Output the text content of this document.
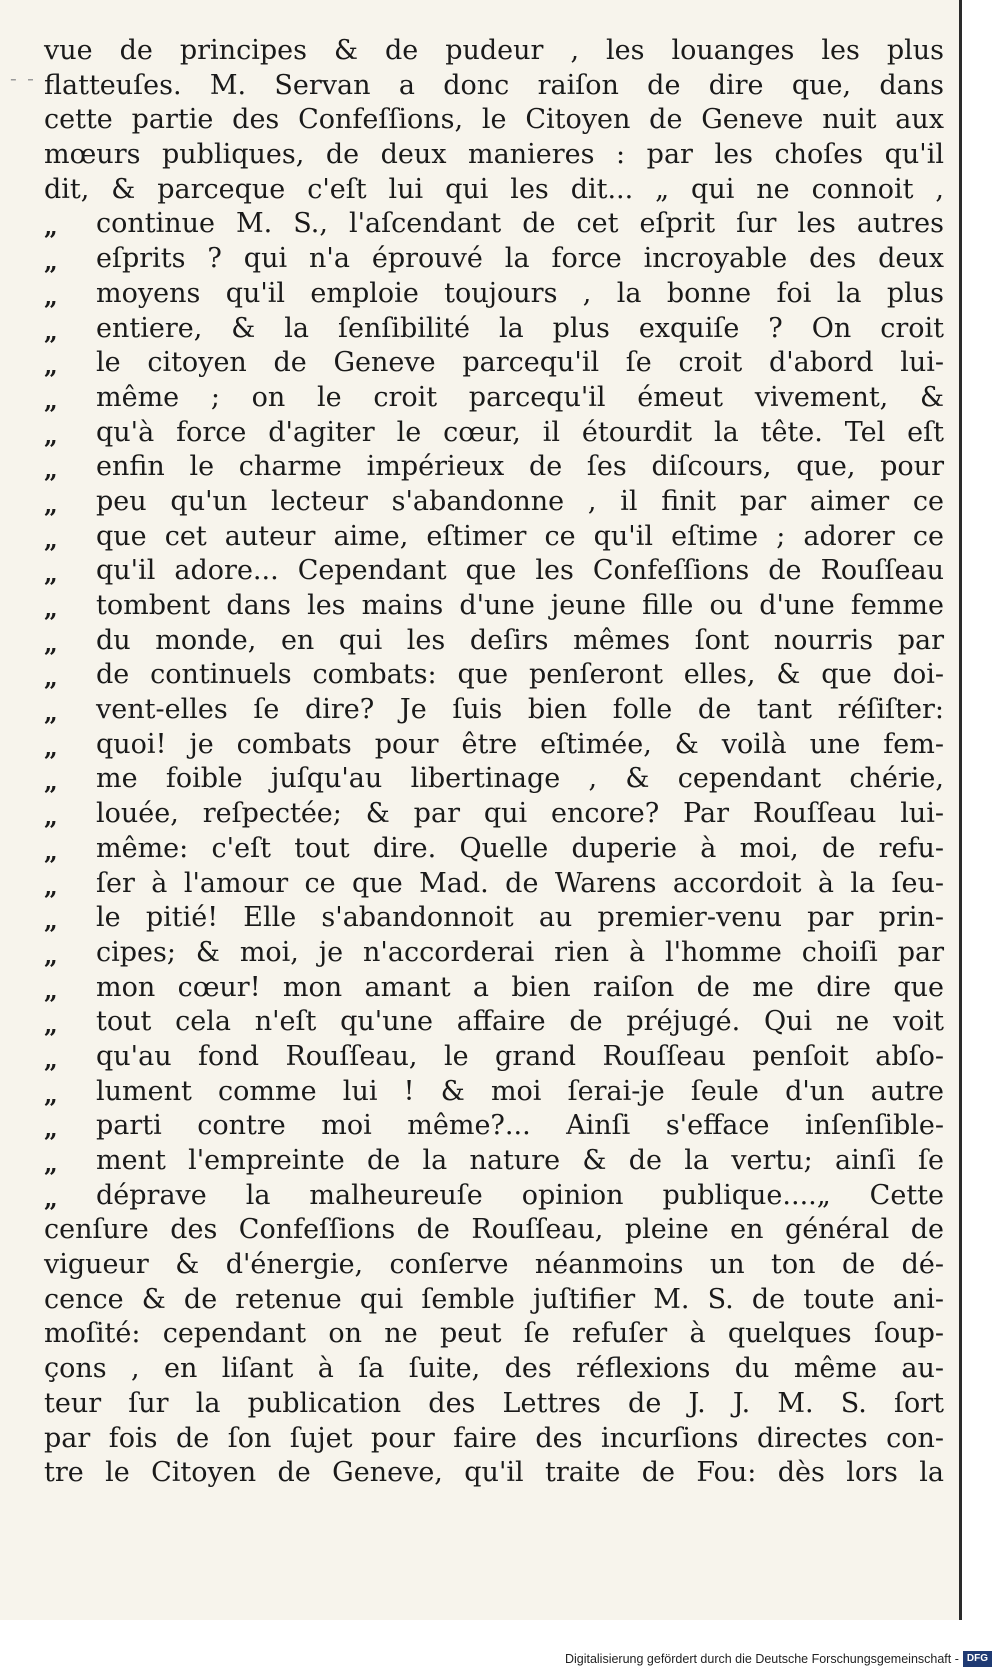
- -
vue de principes & de pudeur , les louanges les plus
flatteuſes. M. Servan a donc raiſon de dire que, dans
cette partie des Confeſſions, le Citoyen de Geneve nuit aux
mœurs publiques, de deux manieres : par les choſes qu'il
dit, & parceque c'eſt lui qui les dit... „ qui ne connoit ,
„ continue M. S., l'aſcendant de cet eſprit ſur les autres
„ eſprits ? qui n'a éprouvé la force incroyable des deux
„ moyens qu'il emploie toujours , la bonne foi la plus
„ entiere, & la ſenſibilité la plus exquiſe ? On croit
„ le citoyen de Geneve parcequ'il ſe croit d'abord lui-
„ même ; on le croit parcequ'il émeut vivement, &
„ qu'à force d'agiter le cœur, il étourdit la tête. Tel eſt
„ enfin le charme impérieux de ſes diſcours, que, pour
„ peu qu'un lecteur s'abandonne , il finit par aimer ce
„ que cet auteur aime, eſtimer ce qu'il eſtime ; adorer ce
„ qu'il adore... Cependant que les Confeſſions de Rouſſeau
„ tombent dans les mains d'une jeune fille ou d'une femme
„ du monde, en qui les deſirs mêmes ſont nourris par
„ de continuels combats: que penſeront elles, & que doi-
„ vent-elles ſe dire? Je ſuis bien folle de tant réſiſter:
„ quoi! je combats pour être eſtimée, & voilà une fem-
„ me foible juſqu'au libertinage , & cependant chérie,
„ louée, reſpectée; & par qui encore? Par Rouſſeau lui-
„ même: c'eſt tout dire. Quelle duperie à moi, de refu-
„ ſer à l'amour ce que Mad. de Warens accordoit à la ſeu-
„ le pitié! Elle s'abandonnoit au premier-venu par prin-
„ cipes; & moi, je n'accorderai rien à l'homme choiſi par
„ mon cœur! mon amant a bien raiſon de me dire que
„ tout cela n'eſt qu'une affaire de préjugé. Qui ne voit
„ qu'au fond Rouſſeau, le grand Rouſſeau penſoit abſo-
„ lument comme lui ! & moi ſerai-je ſeule d'un autre
„ parti contre moi même?... Ainſi s'efface inſenſible-
„ ment l'empreinte de la nature & de la vertu; ainſi ſe
„ déprave la malheureuſe opinion publique....„ Cette
cenſure des Confeſſions de Rouſſeau, pleine en général de
vigueur & d'énergie, conſerve néanmoins un ton de dé-
cence & de retenue qui ſemble juſtifier M. S. de toute ani-
moſité: cependant on ne peut ſe refuſer à quelques ſoup-
çons , en liſant à ſa ſuite, des réflexions du même au-
teur ſur la publication des Lettres de J. J. M. S. ſort
par fois de ſon ſujet pour faire des incurſions directes con-
tre le Citoyen de Geneve, qu'il traite de Fou: dès lors la
Digitalisierung gefördert durch die Deutsche Forschungsgemeinschaft - DFG
